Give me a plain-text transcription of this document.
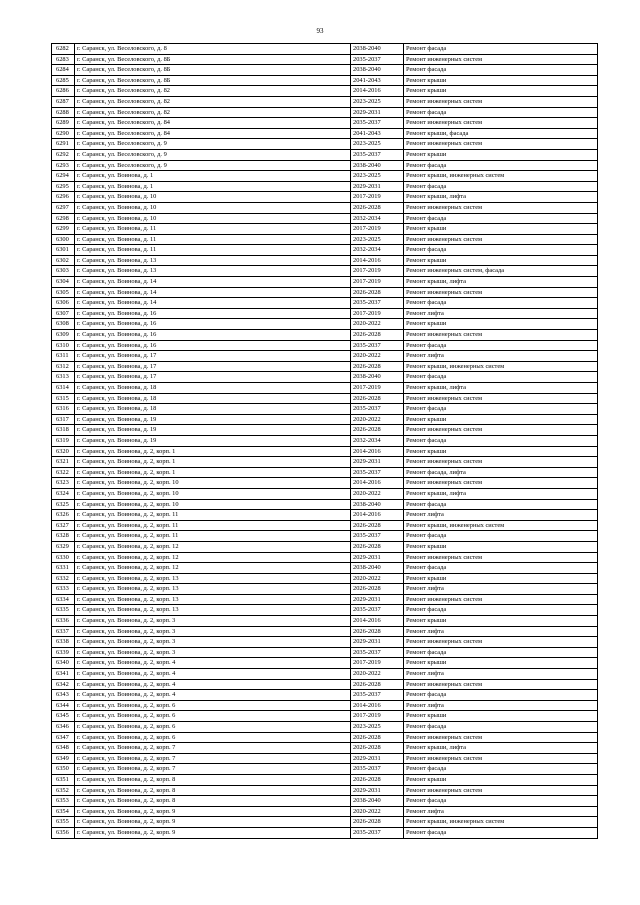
93
6282	г. Саранск, ул. Веселовского, д. 8	2038-2040	Ремонт фасада
6283	г. Саранск, ул. Веселовского, д. 8Б	2035-2037	Ремонт инженерных систем
6284	г. Саранск, ул. Веселовского, д. 8Б	2038-2040	Ремонт фасада
6285	г. Саранск, ул. Веселовского, д. 8Б	2041-2043	Ремонт крыши
6286	г. Саранск, ул. Веселовского, д. 82	2014-2016	Ремонт крыши
6287	г. Саранск, ул. Веселовского, д. 82	2023-2025	Ремонт инженерных систем
6288	г. Саранск, ул. Веселовского, д. 82	2029-2031	Ремонт фасада
6289	г. Саранск, ул. Веселовского, д. 84	2035-2037	Ремонт инженерных систем
6290	г. Саранск, ул. Веселовского, д. 84	2041-2043	Ремонт крыши, фасада
6291	г. Саранск, ул. Веселовского, д. 9	2023-2025	Ремонт инженерных систем
6292	г. Саранск, ул. Веселовского, д. 9	2035-2037	Ремонт крыши
6293	г. Саранск, ул. Веселовского, д. 9	2038-2040	Ремонт фасада
6294	г. Саранск, ул. Воинова, д. 1	2023-2025	Ремонт крыши, инженерных систем
6295	г. Саранск, ул. Воинова, д. 1	2029-2031	Ремонт фасада
6296	г. Саранск, ул. Воинова, д. 10	2017-2019	Ремонт крыши, лифта
6297	г. Саранск, ул. Воинова, д. 10	2026-2028	Ремонт инженерных систем
6298	г. Саранск, ул. Воинова, д. 10	2032-2034	Ремонт фасада
6299	г. Саранск, ул. Воинова, д. 11	2017-2019	Ремонт крыши
6300	г. Саранск, ул. Воинова, д. 11	2023-2025	Ремонт инженерных систем
6301	г. Саранск, ул. Воинова, д. 11	2032-2034	Ремонт фасада
6302	г. Саранск, ул. Воинова, д. 13	2014-2016	Ремонт крыши
6303	г. Саранск, ул. Воинова, д. 13	2017-2019	Ремонт инженерных систем, фасада
6304	г. Саранск, ул. Воинова, д. 14	2017-2019	Ремонт крыши, лифта
6305	г. Саранск, ул. Воинова, д. 14	2026-2028	Ремонт инженерных систем
6306	г. Саранск, ул. Воинова, д. 14	2035-2037	Ремонт фасада
6307	г. Саранск, ул. Воинова, д. 16	2017-2019	Ремонт лифта
6308	г. Саранск, ул. Воинова, д. 16	2020-2022	Ремонт крыши
6309	г. Саранск, ул. Воинова, д. 16	2026-2028	Ремонт инженерных систем
6310	г. Саранск, ул. Воинова, д. 16	2035-2037	Ремонт фасада
6311	г. Саранск, ул. Воинова, д. 17	2020-2022	Ремонт лифта
6312	г. Саранск, ул. Воинова, д. 17	2026-2028	Ремонт крыши, инженерных систем
6313	г. Саранск, ул. Воинова, д. 17	2038-2040	Ремонт фасада
6314	г. Саранск, ул. Воинова, д. 18	2017-2019	Ремонт крыши, лифта
6315	г. Саранск, ул. Воинова, д. 18	2026-2028	Ремонт инженерных систем
6316	г. Саранск, ул. Воинова, д. 18	2035-2037	Ремонт фасада
6317	г. Саранск, ул. Воинова, д. 19	2020-2022	Ремонт крыши
6318	г. Саранск, ул. Воинова, д. 19	2026-2028	Ремонт инженерных систем
6319	г. Саранск, ул. Воинова, д. 19	2032-2034	Ремонт фасада
6320	г. Саранск, ул. Воинова, д. 2, корп. 1	2014-2016	Ремонт крыши
6321	г. Саранск, ул. Воинова, д. 2, корп. 1	2029-2031	Ремонт инженерных систем
6322	г. Саранск, ул. Воинова, д. 2, корп. 1	2035-2037	Ремонт фасада, лифта
6323	г. Саранск, ул. Воинова, д. 2, корп. 10	2014-2016	Ремонт инженерных систем
6324	г. Саранск, ул. Воинова, д. 2, корп. 10	2020-2022	Ремонт крыши, лифта
6325	г. Саранск, ул. Воинова, д. 2, корп. 10	2038-2040	Ремонт фасада
6326	г. Саранск, ул. Воинова, д. 2, корп. 11	2014-2016	Ремонт лифта
6327	г. Саранск, ул. Воинова, д. 2, корп. 11	2026-2028	Ремонт крыши, инженерных систем
6328	г. Саранск, ул. Воинова, д. 2, корп. 11	2035-2037	Ремонт фасада
6329	г. Саранск, ул. Воинова, д. 2, корп. 12	2026-2028	Ремонт крыши
6330	г. Саранск, ул. Воинова, д. 2, корп. 12	2029-2031	Ремонт инженерных систем
6331	г. Саранск, ул. Воинова, д. 2, корп. 12	2038-2040	Ремонт фасада
6332	г. Саранск, ул. Воинова, д. 2, корп. 13	2020-2022	Ремонт крыши
6333	г. Саранск, ул. Воинова, д. 2, корп. 13	2026-2028	Ремонт лифта
6334	г. Саранск, ул. Воинова, д. 2, корп. 13	2029-2031	Ремонт инженерных систем
6335	г. Саранск, ул. Воинова, д. 2, корп. 13	2035-2037	Ремонт фасада
6336	г. Саранск, ул. Воинова, д. 2, корп. 3	2014-2016	Ремонт крыши
6337	г. Саранск, ул. Воинова, д. 2, корп. 3	2026-2028	Ремонт лифта
6338	г. Саранск, ул. Воинова, д. 2, корп. 3	2029-2031	Ремонт инженерных систем
6339	г. Саранск, ул. Воинова, д. 2, корп. 3	2035-2037	Ремонт фасада
6340	г. Саранск, ул. Воинова, д. 2, корп. 4	2017-2019	Ремонт крыши
6341	г. Саранск, ул. Воинова, д. 2, корп. 4	2020-2022	Ремонт лифта
6342	г. Саранск, ул. Воинова, д. 2, корп. 4	2026-2028	Ремонт инженерных систем
6343	г. Саранск, ул. Воинова, д. 2, корп. 4	2035-2037	Ремонт фасада
6344	г. Саранск, ул. Воинова, д. 2, корп. 6	2014-2016	Ремонт лифта
6345	г. Саранск, ул. Воинова, д. 2, корп. 6	2017-2019	Ремонт крыши
6346	г. Саранск, ул. Воинова, д. 2, корп. 6	2023-2025	Ремонт фасада
6347	г. Саранск, ул. Воинова, д. 2, корп. 6	2026-2028	Ремонт инженерных систем
6348	г. Саранск, ул. Воинова, д. 2, корп. 7	2026-2028	Ремонт крыши, лифта
6349	г. Саранск, ул. Воинова, д. 2, корп. 7	2029-2031	Ремонт инженерных систем
6350	г. Саранск, ул. Воинова, д. 2, корп. 7	2035-2037	Ремонт фасада
6351	г. Саранск, ул. Воинова, д. 2, корп. 8	2026-2028	Ремонт крыши
6352	г. Саранск, ул. Воинова, д. 2, корп. 8	2029-2031	Ремонт инженерных систем
6353	г. Саранск, ул. Воинова, д. 2, корп. 8	2038-2040	Ремонт фасада
6354	г. Саранск, ул. Воинова, д. 2, корп. 9	2020-2022	Ремонт лифта
6355	г. Саранск, ул. Воинова, д. 2, корп. 9	2026-2028	Ремонт крыши, инженерных систем
6356	г. Саранск, ул. Воинова, д. 2, корп. 9	2035-2037	Ремонт фасада
